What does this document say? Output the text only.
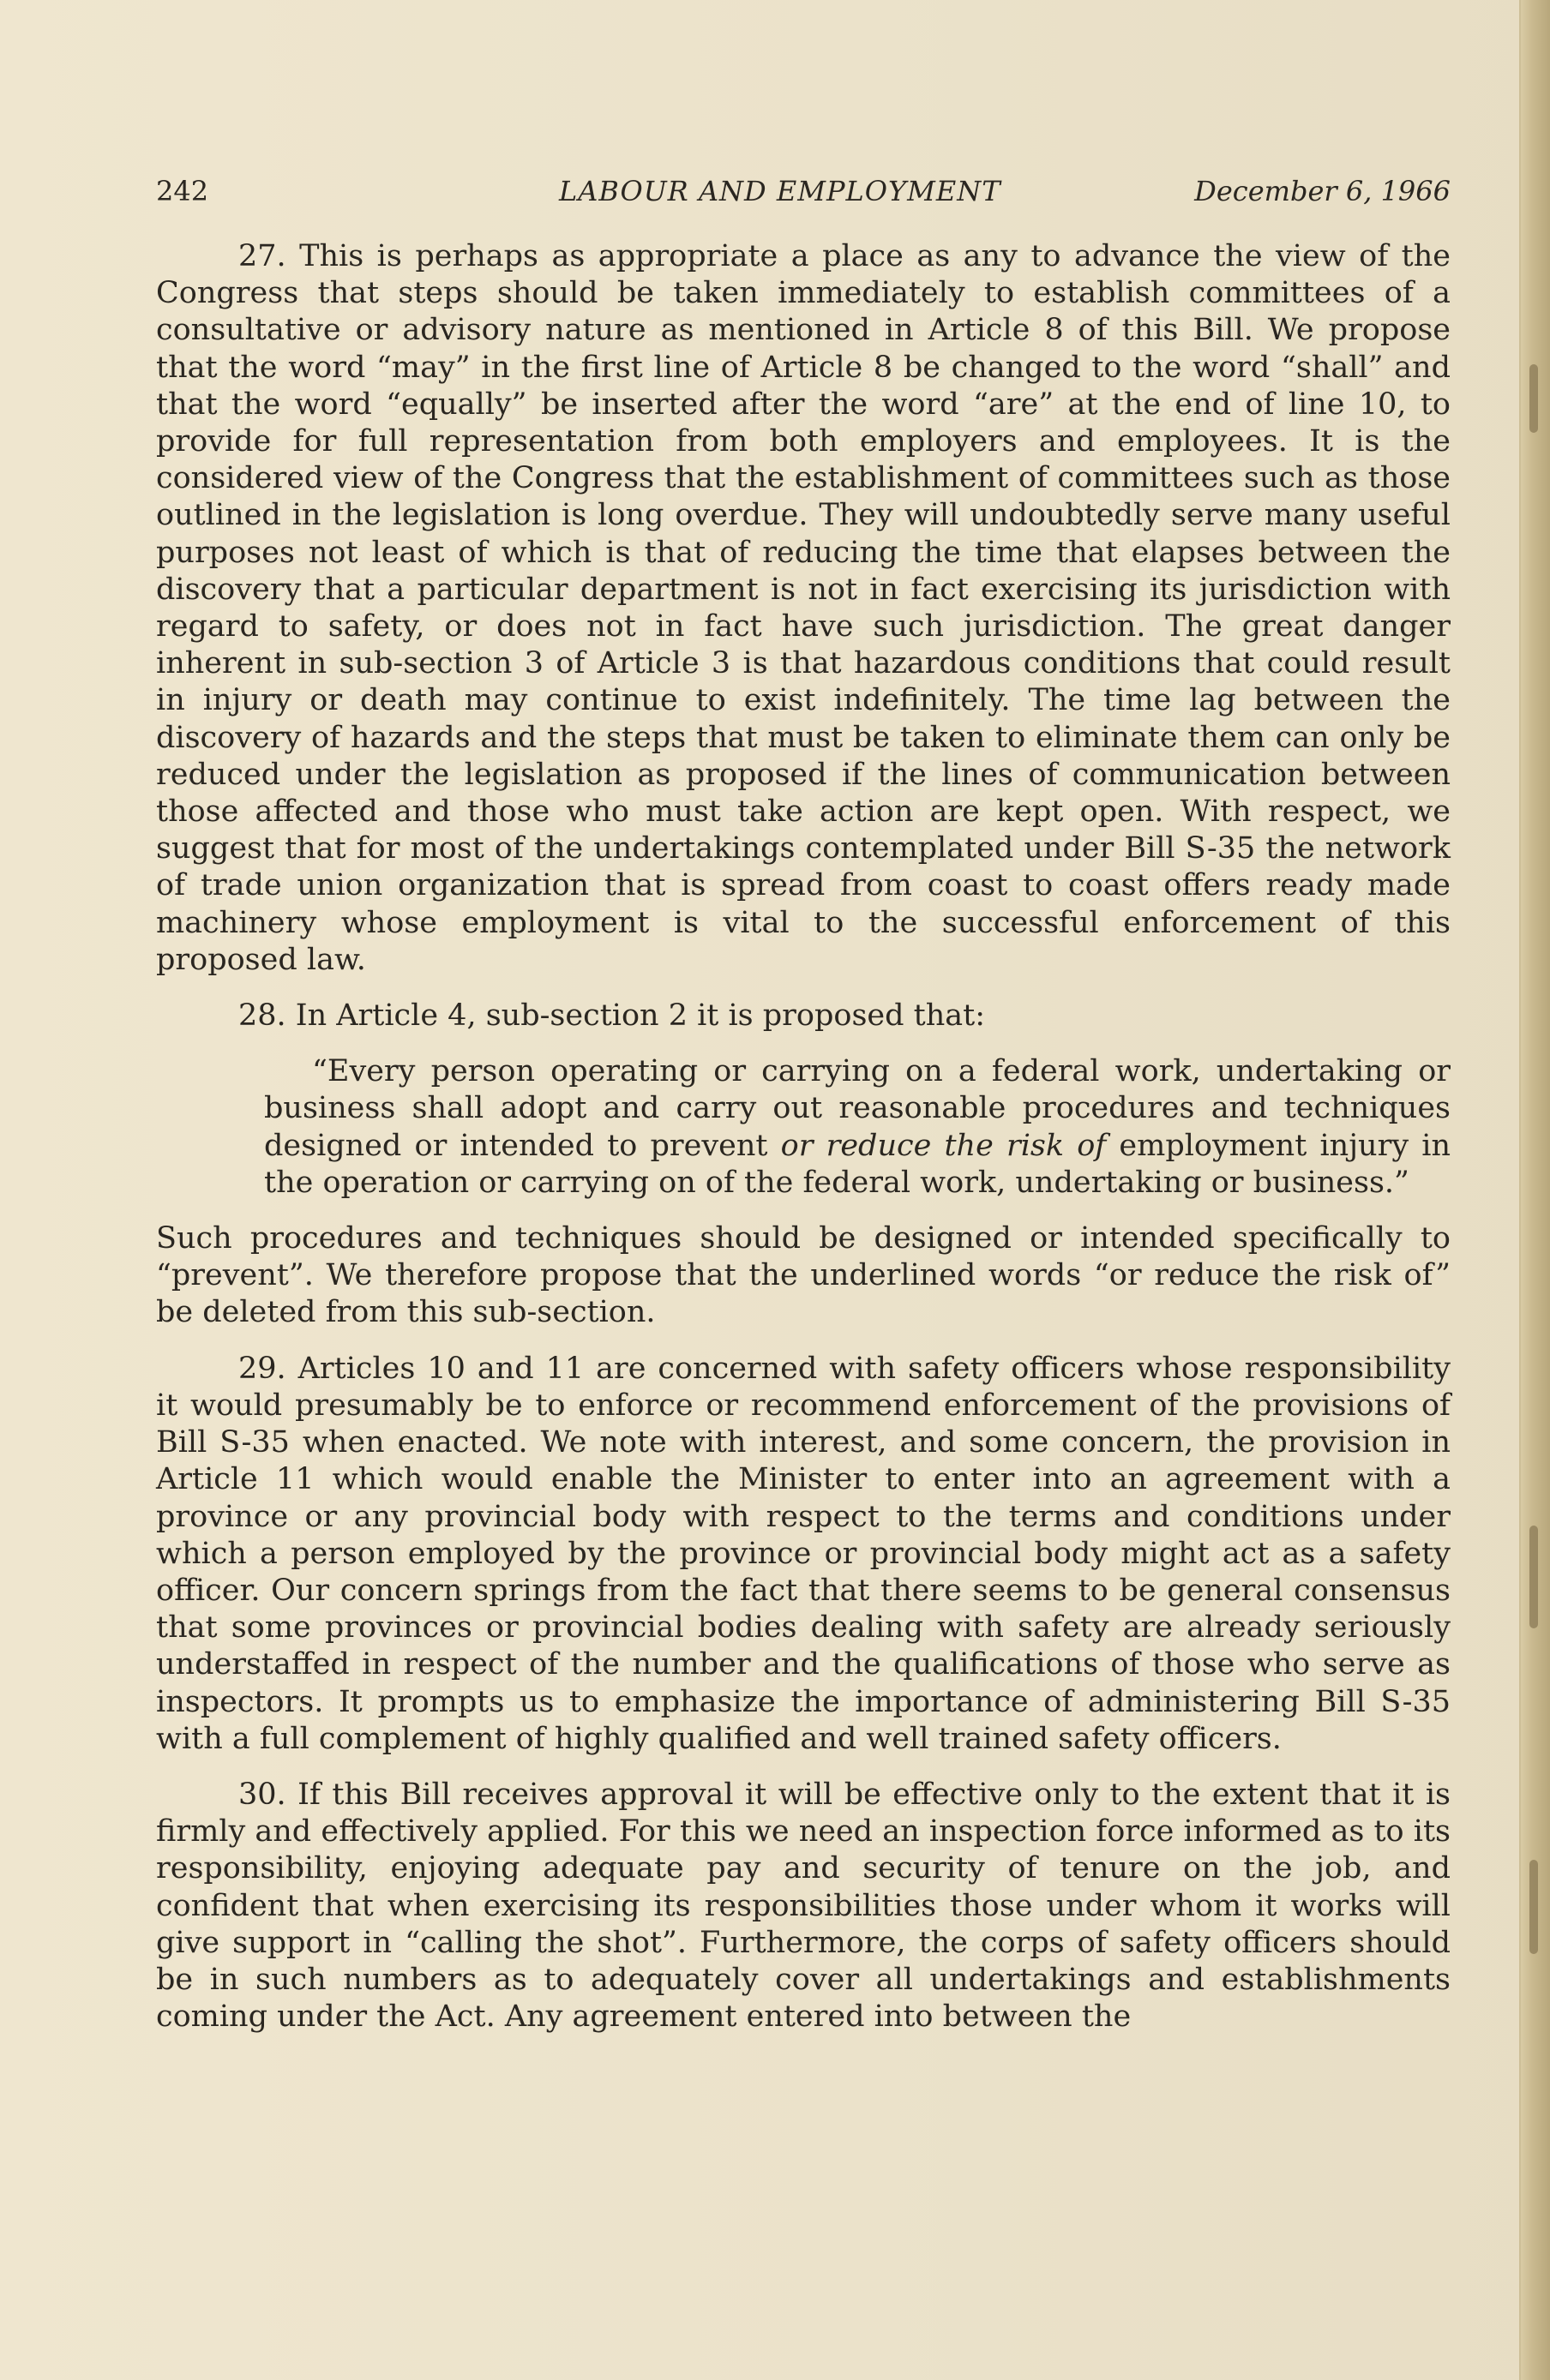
242	LABOUR AND EMPLOYMENT	December 6, 1966

27. This is perhaps as appropriate a place as any to advance the view of the Congress that steps should be taken immediately to establish committees of a consultative or advisory nature as mentioned in Article 8 of this Bill. We propose that the word “may” in the first line of Article 8 be changed to the word “shall” and that the word “equally” be inserted after the word “are” at the end of line 10, to provide for full representation from both employers and employees. It is the considered view of the Congress that the establishment of committees such as those outlined in the legislation is long overdue. They will undoubtedly serve many useful purposes not least of which is that of reducing the time that elapses between the discovery that a particular department is not in fact exercising its jurisdiction with regard to safety, or does not in fact have such jurisdiction. The great danger inherent in sub-section 3 of Article 3 is that hazardous conditions that could result in injury or death may continue to exist indefinitely. The time lag between the discovery of hazards and the steps that must be taken to eliminate them can only be reduced under the legislation as proposed if the lines of communication between those affected and those who must take action are kept open. With respect, we suggest that for most of the undertakings contemplated under Bill S-35 the network of trade union organization that is spread from coast to coast offers ready made machinery whose employment is vital to the successful enforcement of this proposed law.

28. In Article 4, sub-section 2 it is proposed that:

“Every person operating or carrying on a federal work, undertaking or business shall adopt and carry out reasonable procedures and techniques designed or intended to prevent or reduce the risk of employment injury in the operation or carrying on of the federal work, undertaking or business.”

Such procedures and techniques should be designed or intended specifically to “prevent”. We therefore propose that the underlined words “or reduce the risk of” be deleted from this sub-section.

29. Articles 10 and 11 are concerned with safety officers whose responsibility it would presumably be to enforce or recommend enforcement of the provisions of Bill S-35 when enacted. We note with interest, and some concern, the provision in Article 11 which would enable the Minister to enter into an agreement with a province or any provincial body with respect to the terms and conditions under which a person employed by the province or provincial body might act as a safety officer. Our concern springs from the fact that there seems to be general consensus that some provinces or provincial bodies dealing with safety are already seriously understaffed in respect of the number and the qualifications of those who serve as inspectors. It prompts us to emphasize the importance of administering Bill S-35 with a full complement of highly qualified and well trained safety officers.

30. If this Bill receives approval it will be effective only to the extent that it is firmly and effectively applied. For this we need an inspection force informed as to its responsibility, enjoying adequate pay and security of tenure on the job, and confident that when exercising its responsibilities those under whom it works will give support in “calling the shot”. Furthermore, the corps of safety officers should be in such numbers as to adequately cover all undertakings and establishments coming under the Act. Any agreement entered into between the
